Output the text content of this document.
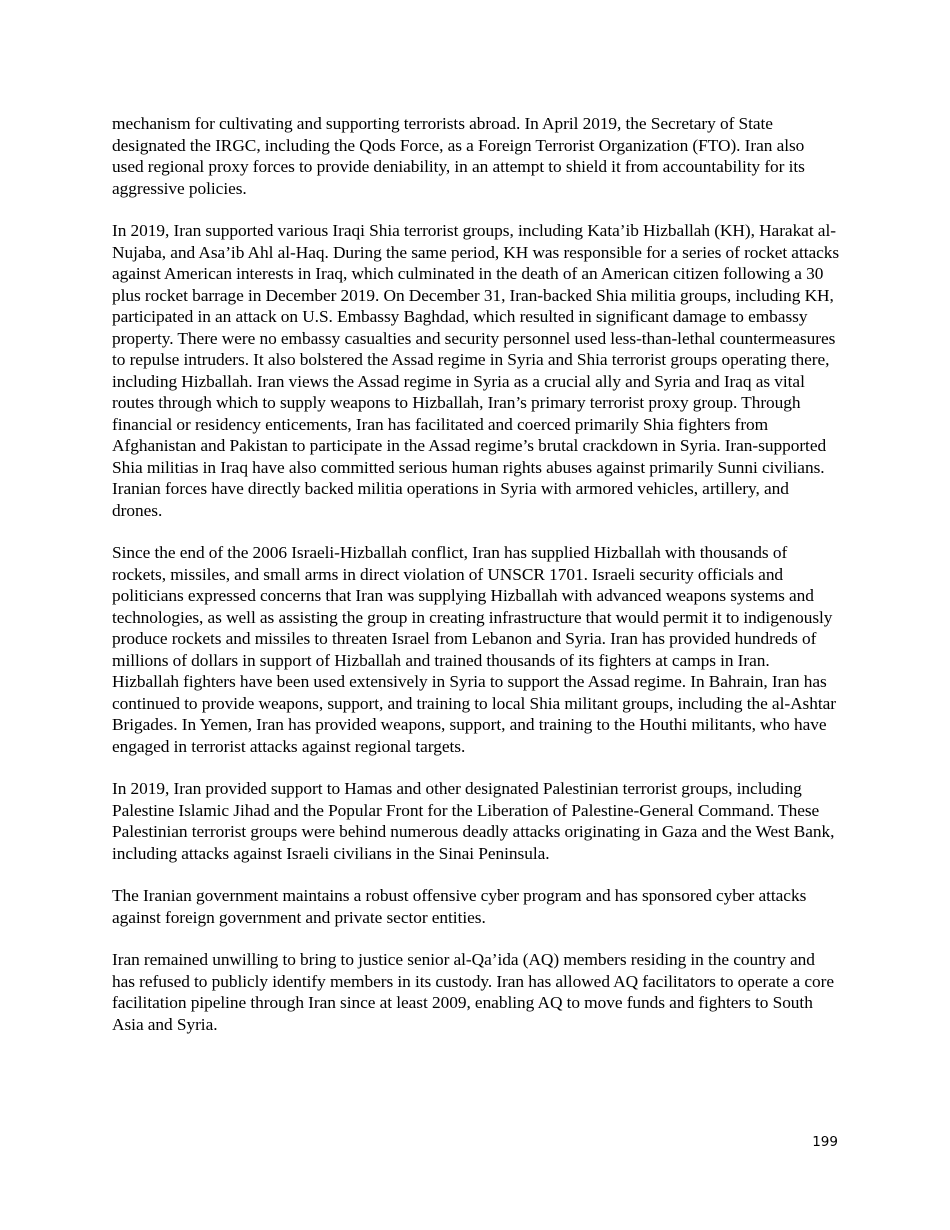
mechanism for cultivating and supporting terrorists abroad. In April 2019, the Secretary of State designated the IRGC, including the Qods Force, as a Foreign Terrorist Organization (FTO). Iran also used regional proxy forces to provide deniability, in an attempt to shield it from accountability for its aggressive policies.

In 2019, Iran supported various Iraqi Shia terrorist groups, including Kata’ib Hizballah (KH), Harakat al-Nujaba, and Asa’ib Ahl al-Haq. During the same period, KH was responsible for a series of rocket attacks against American interests in Iraq, which culminated in the death of an American citizen following a 30 plus rocket barrage in December 2019. On December 31, Iran-backed Shia militia groups, including KH, participated in an attack on U.S. Embassy Baghdad, which resulted in significant damage to embassy property. There were no embassy casualties and security personnel used less-than-lethal countermeasures to repulse intruders. It also bolstered the Assad regime in Syria and Shia terrorist groups operating there, including Hizballah. Iran views the Assad regime in Syria as a crucial ally and Syria and Iraq as vital routes through which to supply weapons to Hizballah, Iran’s primary terrorist proxy group. Through financial or residency enticements, Iran has facilitated and coerced primarily Shia fighters from Afghanistan and Pakistan to participate in the Assad regime’s brutal crackdown in Syria. Iran-supported Shia militias in Iraq have also committed serious human rights abuses against primarily Sunni civilians. Iranian forces have directly backed militia operations in Syria with armored vehicles, artillery, and drones.

Since the end of the 2006 Israeli-Hizballah conflict, Iran has supplied Hizballah with thousands of rockets, missiles, and small arms in direct violation of UNSCR 1701. Israeli security officials and politicians expressed concerns that Iran was supplying Hizballah with advanced weapons systems and technologies, as well as assisting the group in creating infrastructure that would permit it to indigenously produce rockets and missiles to threaten Israel from Lebanon and Syria. Iran has provided hundreds of millions of dollars in support of Hizballah and trained thousands of its fighters at camps in Iran. Hizballah fighters have been used extensively in Syria to support the Assad regime. In Bahrain, Iran has continued to provide weapons, support, and training to local Shia militant groups, including the al-Ashtar Brigades. In Yemen, Iran has provided weapons, support, and training to the Houthi militants, who have engaged in terrorist attacks against regional targets.

In 2019, Iran provided support to Hamas and other designated Palestinian terrorist groups, including Palestine Islamic Jihad and the Popular Front for the Liberation of Palestine-General Command. These Palestinian terrorist groups were behind numerous deadly attacks originating in Gaza and the West Bank, including attacks against Israeli civilians in the Sinai Peninsula.

The Iranian government maintains a robust offensive cyber program and has sponsored cyber attacks against foreign government and private sector entities.

Iran remained unwilling to bring to justice senior al-Qa’ida (AQ) members residing in the country and has refused to publicly identify members in its custody. Iran has allowed AQ facilitators to operate a core facilitation pipeline through Iran since at least 2009, enabling AQ to move funds and fighters to South Asia and Syria.

199
